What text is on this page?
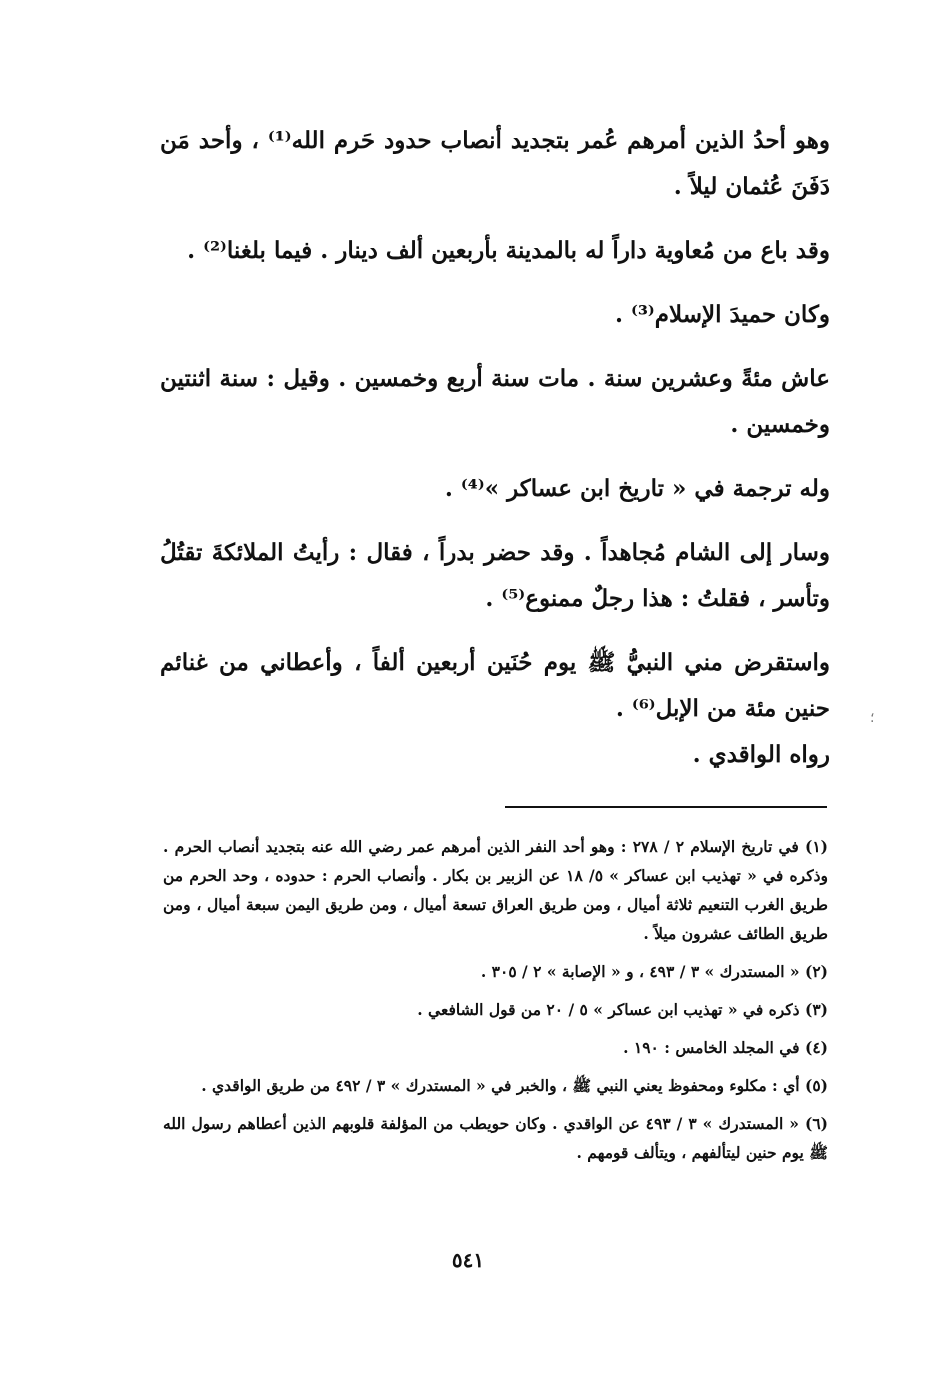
وهو أحدُ الذين أمرهم عُمر بتجديد أنصاب حدود حَرم الله⁽¹⁾ ، وأحد مَن دَفَنَ عُثمان ليلاً .

وقد باع من مُعاوية داراً له بالمدينة بأربعين ألف دينار . فيما بلغنا⁽²⁾ .

وكان حميدَ الإسلام⁽³⁾ .

عاش مئةً وعشرين سنة . مات سنة أربع وخمسين . وقيل : سنة اثنتين وخمسين .

وله ترجمة في « تاريخ ابن عساكر »⁽⁴⁾ .

وسار إلى الشام مُجاهداً . وقد حضر بدراً ، فقال : رأيتُ الملائكةَ تقتُلُ وتأسر ، فقلتُ : هذا رجلٌ ممنوع⁽⁵⁾ .

واستقرض مني النبيُّ ﷺ يوم حُنَين أربعين ألفاً ، وأعطاني من غنائم حنين مئة من الإبل⁽⁶⁾ .

رواه الواقدي .

؛

(١) في تاريخ الإسلام ٢ / ٢٧٨ : وهو أحد النفر الذين أمرهم عمر رضي الله عنه بتجديد أنصاب الحرم . وذكره في « تهذيب ابن عساكر » ٥/ ١٨ عن الزبير بن بكار . وأنصاب الحرم : حدوده ، وحد الحرم من طريق الغرب التنعيم ثلاثة أميال ، ومن طريق العراق تسعة أميال ، ومن طريق اليمن سبعة أميال ، ومن طريق الطائف عشرون ميلاً .

(٢) « المستدرك » ٣ / ٤٩٣ ، و « الإصابة » ٢ / ٣٠٥ .

(٣) ذكره في « تهذيب ابن عساكر » ٥ / ٢٠ من قول الشافعي .

(٤) في المجلد الخامس : ١٩٠ .

(٥) أي : مكلوء ومحفوظ يعني النبي ﷺ ، والخبر في « المستدرك » ٣ / ٤٩٢ من طريق الواقدي .

(٦) « المستدرك » ٣ / ٤٩٣ عن الواقدي . وكان حويطب من المؤلفة قلوبهم الذين أعطاهم رسول الله ﷺ يوم حنين ليتألفهم ، ويتألف قومهم .

٥٤١
